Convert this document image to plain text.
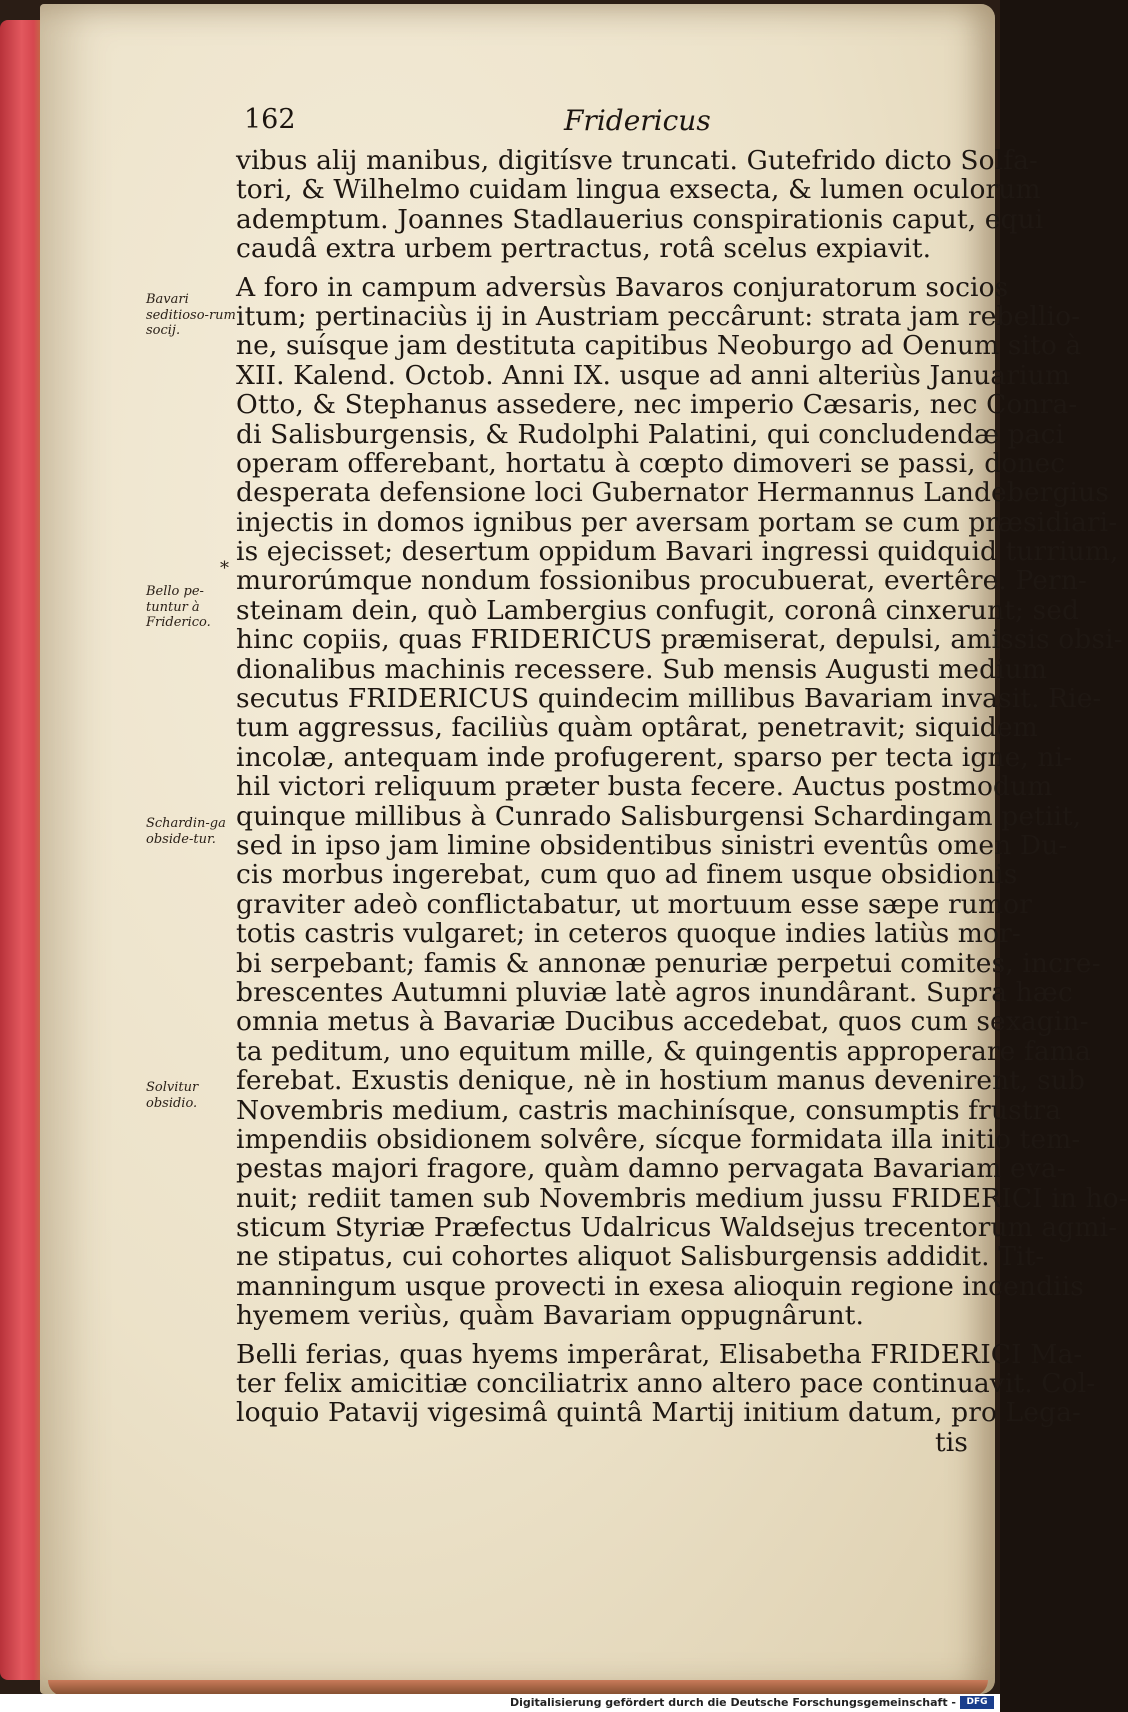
162	Fridericus
Bavari seditioso-rum socij.
Bello pe-tuntur à Friderico.
Schardin-ga obside-tur.
Solvitur obsidio.
*
vibus alij manibus, digitísve truncati. Gutefrido dicto Solfa-
tori, & Wilhelmo cuidam lingua exsecta, & lumen oculorum
ademptum. Joannes Stadlauerius conspirationis caput, equi
caudâ extra urbem pertractus, rotâ scelus expiavit.
A foro in campum adversùs Bavaros conjuratorum socios
itum; pertinaciùs ij in Austriam peccârunt: strata jam rebellio-
ne, suísque jam destituta capitibus Neoburgo ad Oenum sito à
XII. Kalend. Octob. Anni IX. usque ad anni alteriùs Januarium
Otto, & Stephanus assedere, nec imperio Cæsaris, nec Conra-
di Salisburgensis, & Rudolphi Palatini, qui concludendæ paci
operam offerebant, hortatu à cœpto dimoveri se passi, donec
desperata defensione loci Gubernator Hermannus Landebergius
injectis in domos ignibus per aversam portam se cum præsidiari-
is ejecisset; desertum oppidum Bavari ingressi quidquid turrium,
murorúmque nondum fossionibus procubuerat, evertêre. Pern-
steinam dein, quò Lambergius confugit, coronâ cinxerunt; sed
hinc copiis, quas FRIDERICUS præmiserat, depulsi, amissis obsi-
dionalibus machinis recessere. Sub mensis Augusti medium
secutus FRIDERICUS quindecim millibus Bavariam invasit. Rie-
tum aggressus, faciliùs quàm optârat, penetravit; siquidem
incolæ, antequam inde profugerent, sparso per tecta igne, ni-
hil victori reliquum præter busta fecere. Auctus postmodum
quinque millibus à Cunrado Salisburgensi Schardingam petiit,
sed in ipso jam limine obsidentibus sinistri eventûs omen Du-
cis morbus ingerebat, cum quo ad finem usque obsidionis
graviter adeò conflictabatur, ut mortuum esse sæpe rumor
totis castris vulgaret; in ceteros quoque indies latiùs mor-
bi serpebant; famis & annonæ penuriæ perpetui comites, incre-
brescentes Autumni pluviæ latè agros inundârant. Supra hæc
omnia metus à Bavariæ Ducibus accedebat, quos cum sexagin-
ta peditum, uno equitum mille, & quingentis approperare fama
ferebat. Exustis denique, nè in hostium manus devenirent, sub
Novembris medium, castris machinísque, consumptis frustra
impendiis obsidionem solvêre, sícque formidata illa initio tem-
pestas majori fragore, quàm damno pervagata Bavariam eva-
nuit; rediit tamen sub Novembris medium jussu FRIDERICI in ho-
sticum Styriæ Præfectus Udalricus Waldsejus trecentorum agmi-
ne stipatus, cui cohortes aliquot Salisburgensis addidit. Tit-
manningum usque provecti in exesa alioquin regione incendiis
hyemem veriùs, quàm Bavariam oppugnârunt.
Belli ferias, quas hyems imperârat, Elisabetha FRIDERICI Ma-
ter felix amicitiæ conciliatrix anno altero pace continuavit. Col-
loquio Patavij vigesimâ quintâ Martij initium datum, pro Lega-
tis
Digitalisierung gefördert durch die Deutsche Forschungsgemeinschaft -	DFG
